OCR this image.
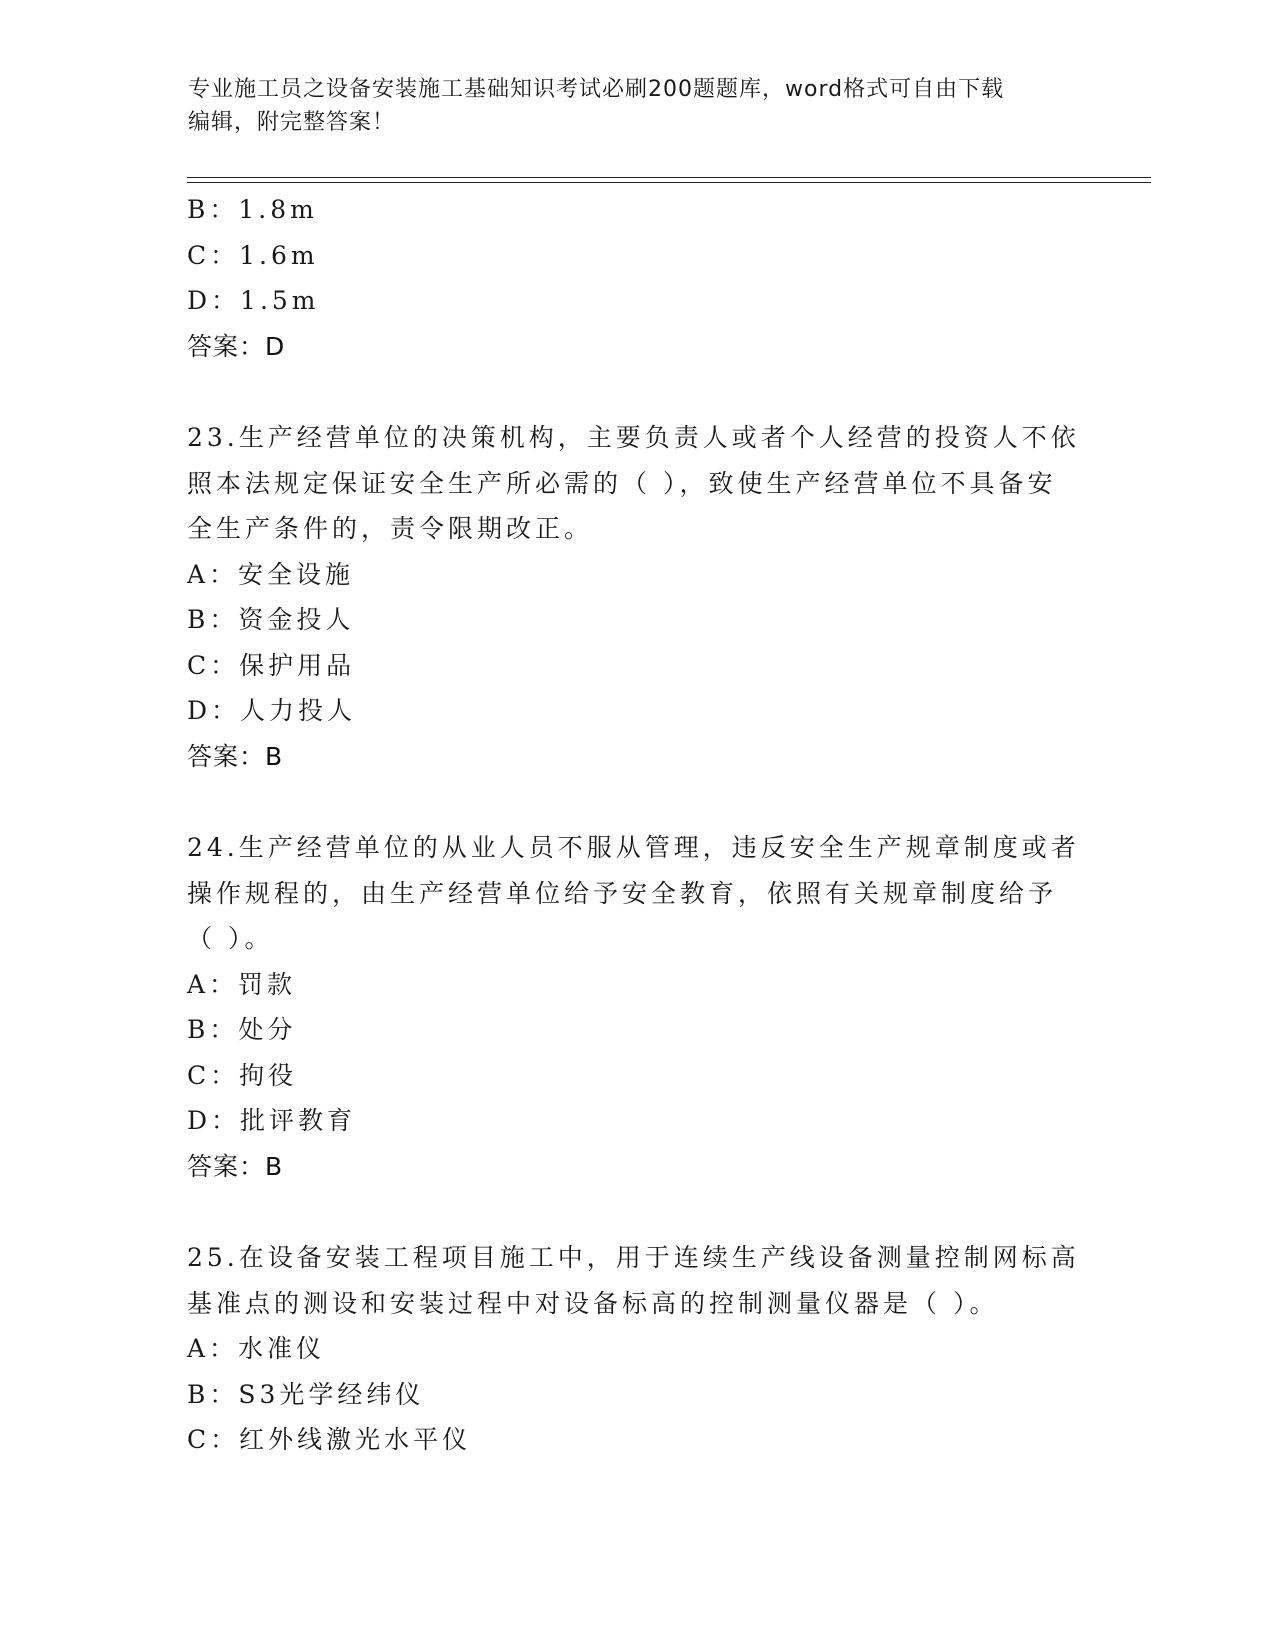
专业施工员之设备安装施工基础知识考试必刷200题题库，word格式可自由下载
编辑，附完整答案！
B：1.8m
C：1.6m
D：1.5m
答案：D
23.生产经营单位的决策机构，主要负责人或者个人经营的投资人不依
照本法规定保证安全生产所必需的（ ），致使生产经营单位不具备安
全生产条件的，责令限期改正。
A：安全设施
B：资金投人
C：保护用品
D：人力投人
答案：B
24.生产经营单位的从业人员不服从管理，违反安全生产规章制度或者
操作规程的，由生产经营单位给予安全教育，依照有关规章制度给予
（ ）。
A：罚款
B：处分
C：拘役
D：批评教育
答案：B
25.在设备安装工程项目施工中，用于连续生产线设备测量控制网标高
基准点的测设和安装过程中对设备标高的控制测量仪器是（ ）。
A：水准仪
B：S3光学经纬仪
C：红外线激光水平仪
